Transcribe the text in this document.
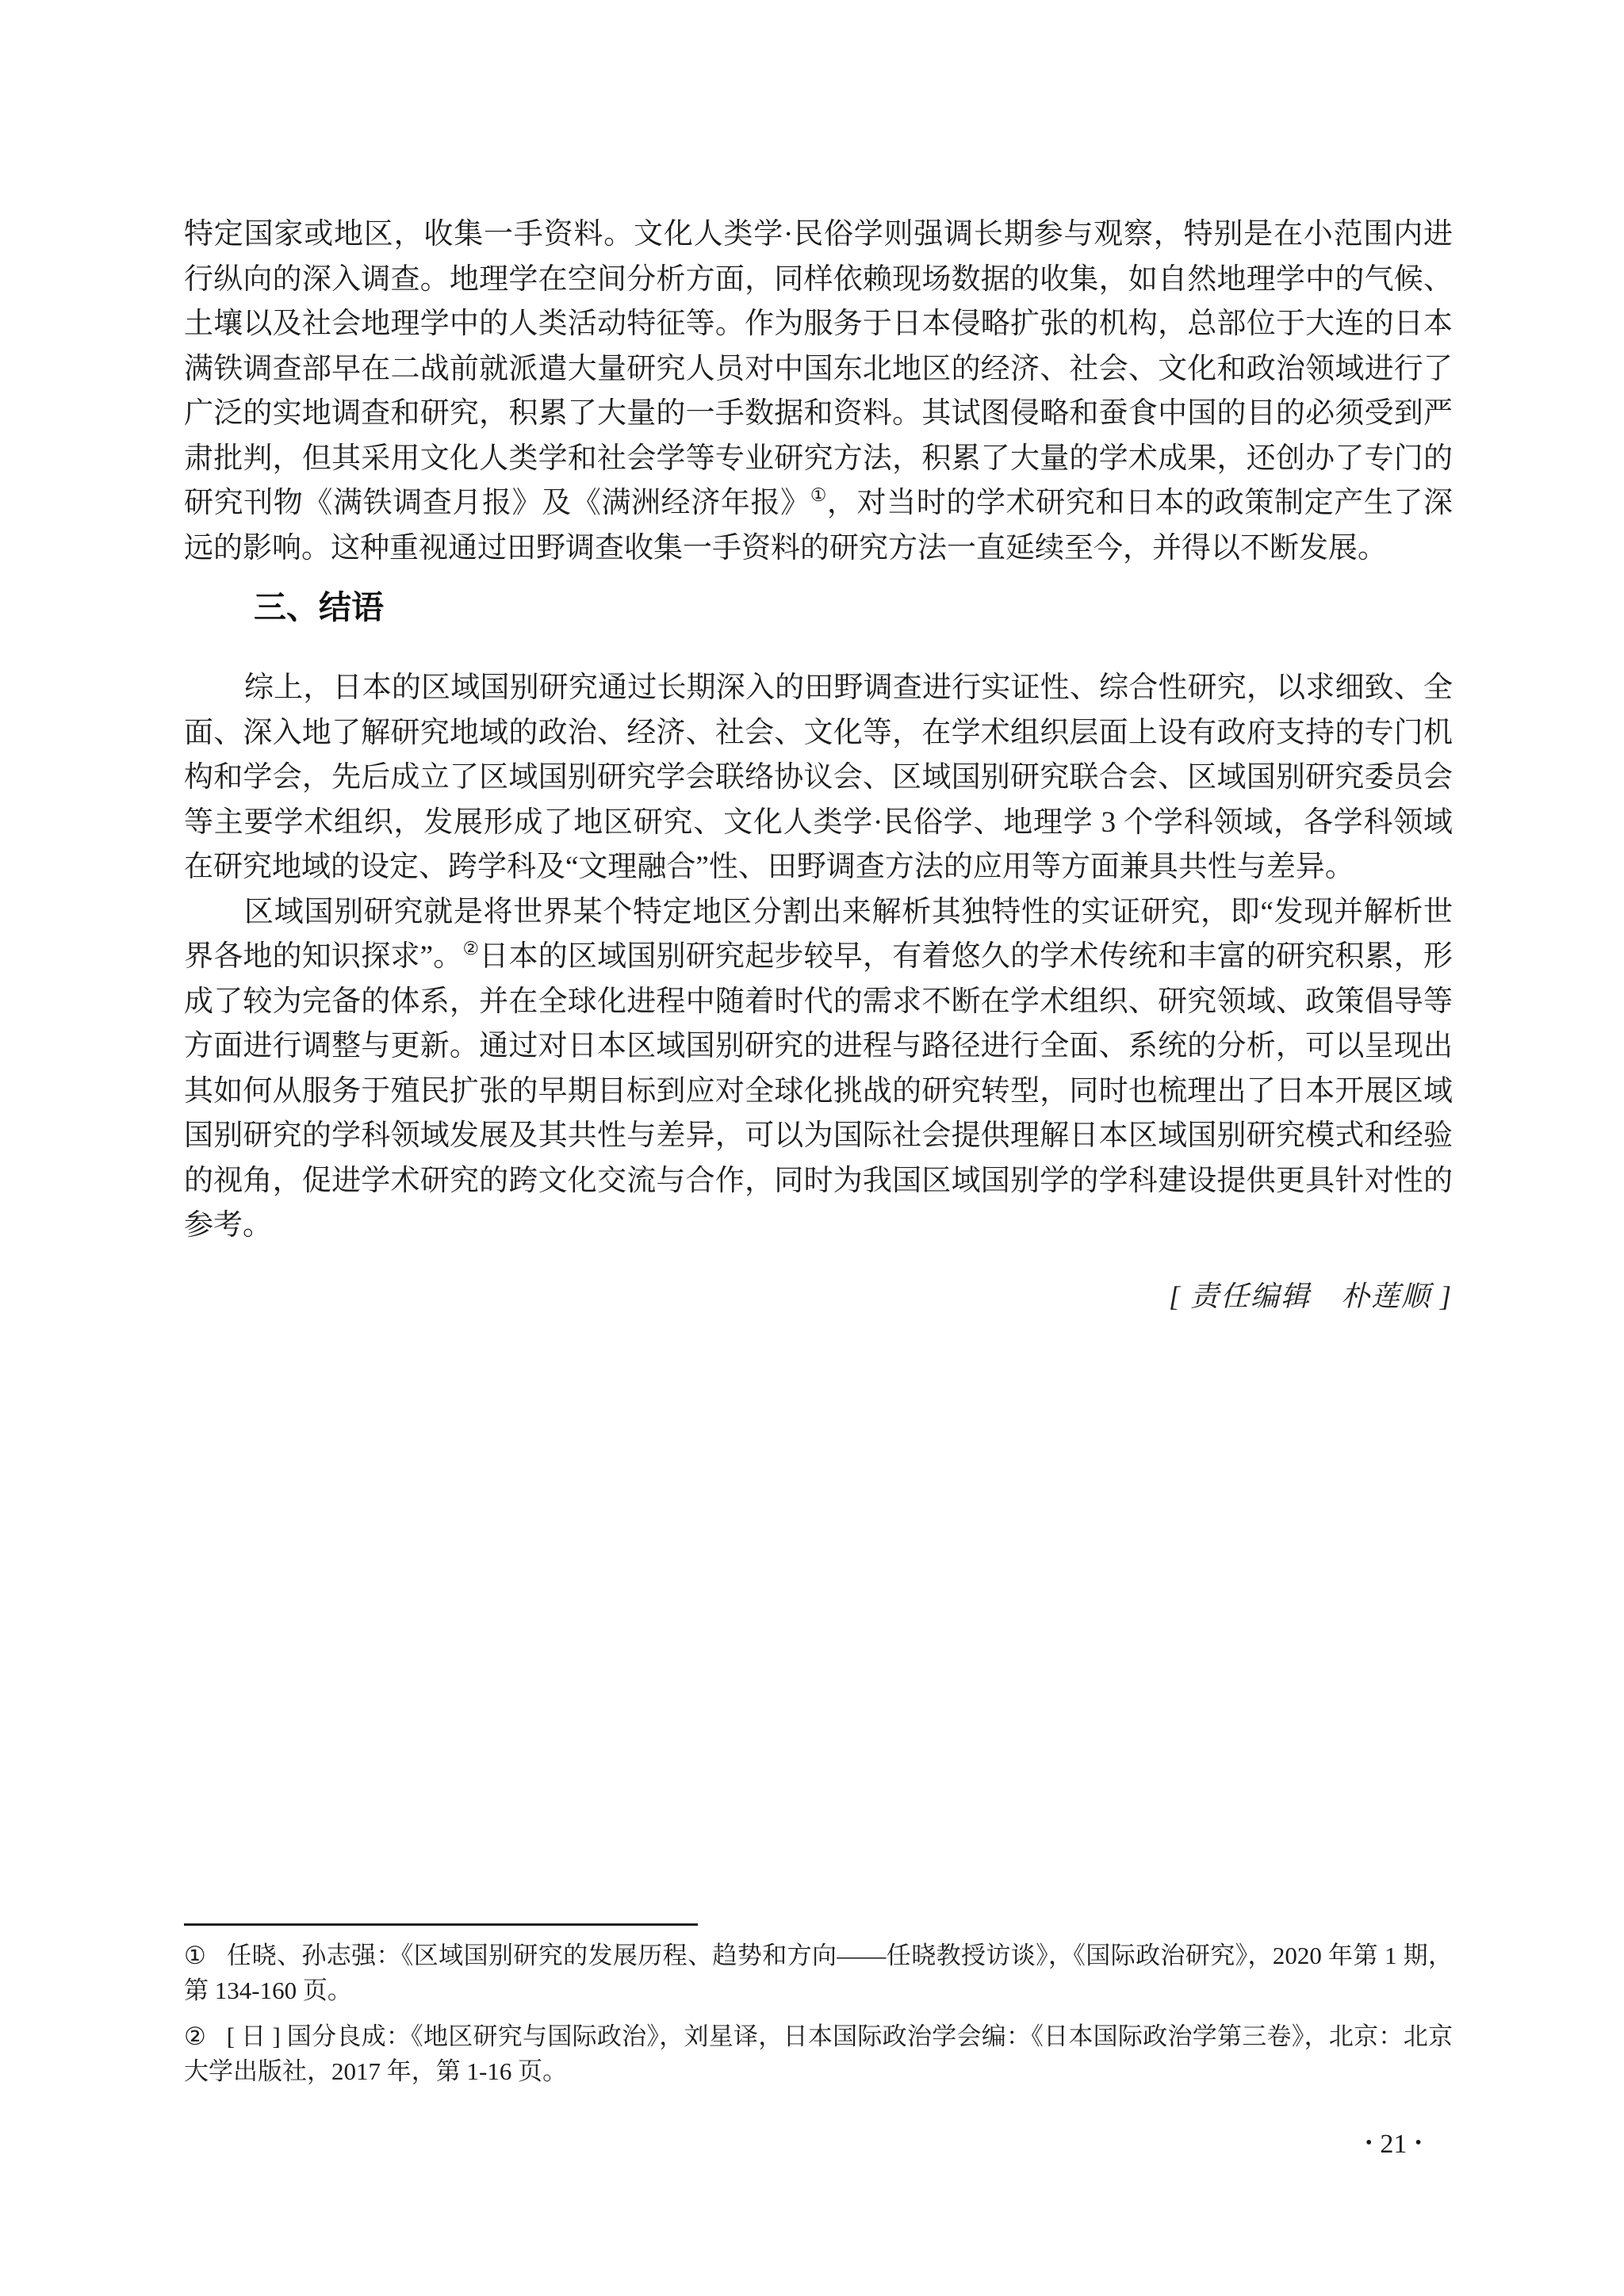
特定国家或地区，收集一手资料。文化人类学·民俗学则强调长期参与观察，特别是在小范围内进行纵向的深入调查。地理学在空间分析方面，同样依赖现场数据的收集，如自然地理学中的气候、土壤以及社会地理学中的人类活动特征等。作为服务于日本侵略扩张的机构，总部位于大连的日本满铁调查部早在二战前就派遣大量研究人员对中国东北地区的经济、社会、文化和政治领域进行了广泛的实地调查和研究，积累了大量的一手数据和资料。其试图侵略和蚕食中国的目的必须受到严肃批判，但其采用文化人类学和社会学等专业研究方法，积累了大量的学术成果，还创办了专门的研究刊物《满铁调查月报》及《满洲经济年报》①，对当时的学术研究和日本的政策制定产生了深远的影响。这种重视通过田野调查收集一手资料的研究方法一直延续至今，并得以不断发展。

三、结语

综上，日本的区域国别研究通过长期深入的田野调查进行实证性、综合性研究，以求细致、全面、深入地了解研究地域的政治、经济、社会、文化等，在学术组织层面上设有政府支持的专门机构和学会，先后成立了区域国别研究学会联络协议会、区域国别研究联合会、区域国别研究委员会等主要学术组织，发展形成了地区研究、文化人类学·民俗学、地理学 3 个学科领域，各学科领域在研究地域的设定、跨学科及“文理融合”性、田野调查方法的应用等方面兼具共性与差异。

区域国别研究就是将世界某个特定地区分割出来解析其独特性的实证研究，即“发现并解析世界各地的知识探求”。②日本的区域国别研究起步较早，有着悠久的学术传统和丰富的研究积累，形成了较为完备的体系，并在全球化进程中随着时代的需求不断在学术组织、研究领域、政策倡导等方面进行调整与更新。通过对日本区域国别研究的进程与路径进行全面、系统的分析，可以呈现出其如何从服务于殖民扩张的早期目标到应对全球化挑战的研究转型，同时也梳理出了日本开展区域国别研究的学科领域发展及其共性与差异，可以为国际社会提供理解日本区域国别研究模式和经验的视角，促进学术研究的跨文化交流与合作，同时为我国区域国别学的学科建设提供更具针对性的参考。

[ 责任编辑　朴莲顺 ]

① 任晓、孙志强：《区域国别研究的发展历程、趋势和方向——任晓教授访谈》，《国际政治研究》，2020 年第 1 期，第 134-160 页。

② [ 日 ] 国分良成：《地区研究与国际政治》，刘星译，日本国际政治学会编：《日本国际政治学第三卷》，北京：北京大学出版社，2017 年，第 1-16 页。

• 21 •
